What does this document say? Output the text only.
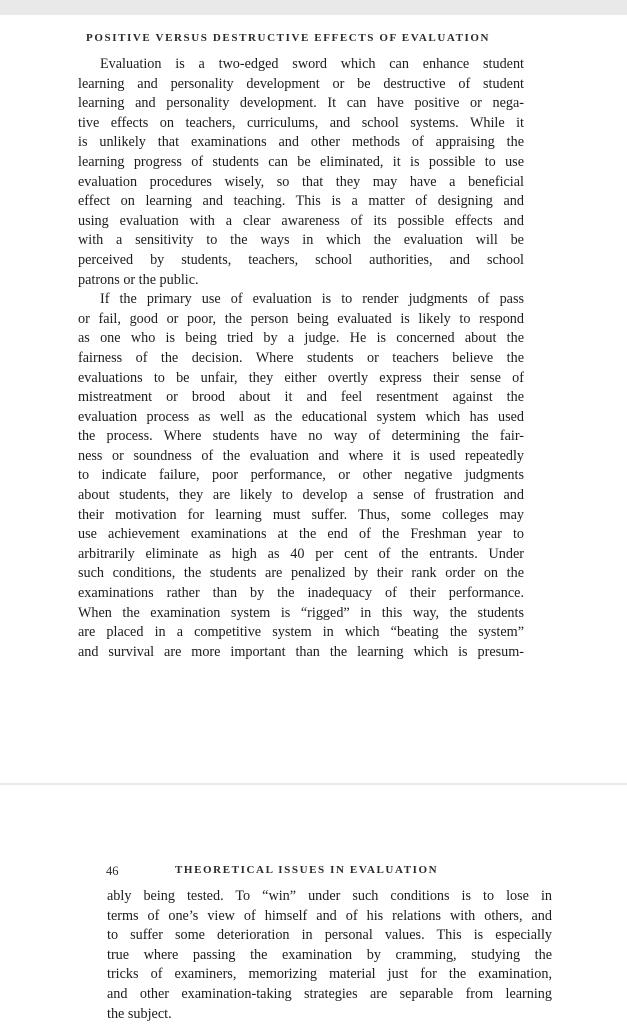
POSITIVE VERSUS DESTRUCTIVE EFFECTS OF EVALUATION
Evaluation is a two-edged sword which can enhance student
learning and personality development or be destructive of student
learning and personality development. It can have positive or nega-
tive effects on teachers, curriculums, and school systems. While it
is unlikely that examinations and other methods of appraising the
learning progress of students can be eliminated, it is possible to use
evaluation procedures wisely, so that they may have a beneficial
effect on learning and teaching. This is a matter of designing and
using evaluation with a clear awareness of its possible effects and
with a sensitivity to the ways in which the evaluation will be
perceived by students, teachers, school authorities, and school
patrons or the public.
If the primary use of evaluation is to render judgments of pass
or fail, good or poor, the person being evaluated is likely to respond
as one who is being tried by a judge. He is concerned about the
fairness of the decision. Where students or teachers believe the
evaluations to be unfair, they either overtly express their sense of
mistreatment or brood about it and feel resentment against the
evaluation process as well as the educational system which has used
the process. Where students have no way of determining the fair-
ness or soundness of the evaluation and where it is used repeatedly
to indicate failure, poor performance, or other negative judgments
about students, they are likely to develop a sense of frustration and
their motivation for learning must suffer. Thus, some colleges may
use achievement examinations at the end of the Freshman year to
arbitrarily eliminate as high as 40 per cent of the entrants. Under
such conditions, the students are penalized by their rank order on the
examinations rather than by the inadequacy of their performance.
When the examination system is “rigged” in this way, the students
are placed in a competitive system in which “beating the system”
and survival are more important than the learning which is presum-
46	THEORETICAL ISSUES IN EVALUATION
ably being tested. To “win” under such conditions is to lose in
terms of one’s view of himself and of his relations with others, and
to suffer some deterioration in personal values. This is especially
true where passing the examination by cramming, studying the
tricks of examiners, memorizing material just for the examination,
and other examination-taking strategies are separable from learning
the subject.
